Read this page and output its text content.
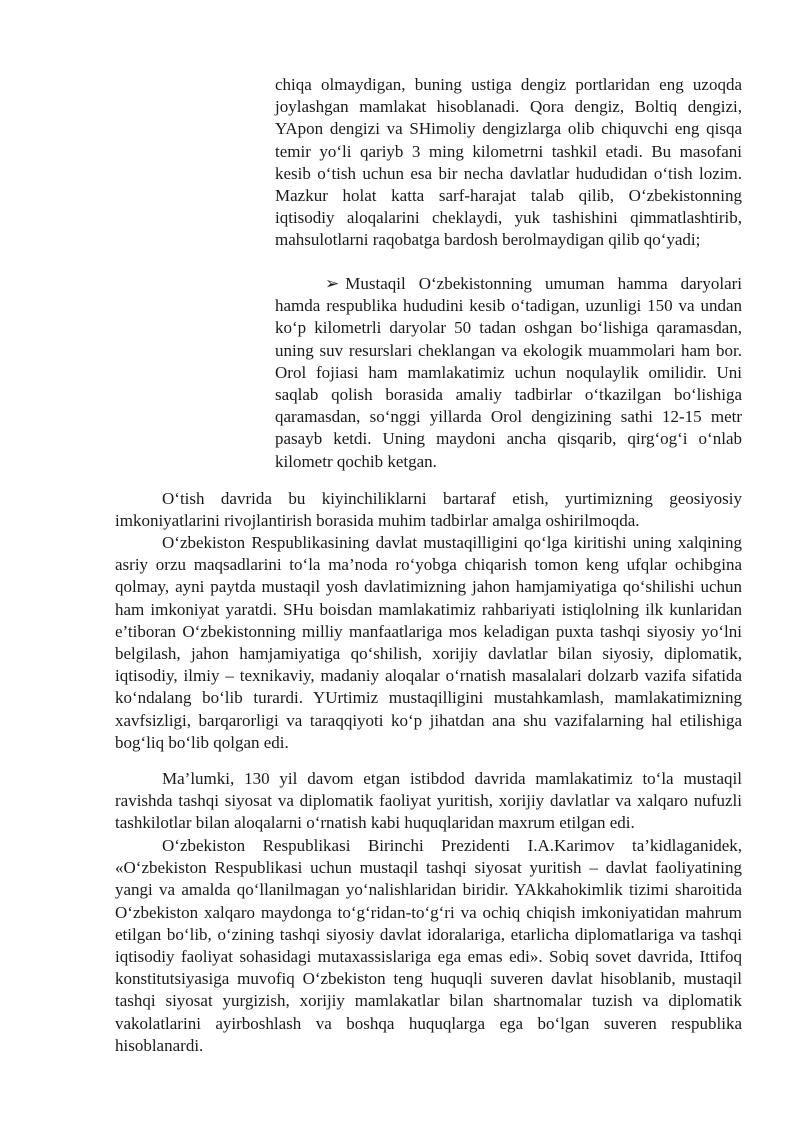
chiqa olmaydigan, buning ustiga dengiz portlaridan eng uzoqda joylashgan mamlakat hisoblanadi. Qora dengiz, Boltiq dengizi, YApon dengizi va SHimoliy dengizlarga olib chiquvchi eng qisqa temir yo‘li qariyb 3 ming kilometrni tashkil etadi. Bu masofani kesib o‘tish uchun esa bir necha davlatlar hududidan o‘tish lozim. Mazkur holat katta sarf-harajat talab qilib, O‘zbekistonning iqtisodiy aloqalarini cheklaydi, yuk tashishini qimmatlashtirib, mahsulotlarni raqobatga bardosh berolmaydigan qilib qo‘yadi;

➢ Mustaqil O‘zbekistonning umuman hamma daryolari hamda respublika hududini kesib o‘tadigan, uzunligi 150 va undan ko‘p kilometrli daryolar 50 tadan oshgan bo‘lishiga qaramasdan, uning suv resurslari cheklangan va ekologik muammolari ham bor. Orol fojiasi ham mamlakatimiz uchun noqulaylik omilidir. Uni saqlab qolish borasida amaliy tadbirlar o‘tkazilgan bo‘lishiga qaramasdan, so‘nggi yillarda Orol dengizining sathi 12-15 metr pasayb ketdi. Uning maydoni ancha qisqarib, qirg‘og‘i o‘nlab kilometr qochib ketgan.

O‘tish davrida bu kiyinchiliklarni bartaraf etish, yurtimizning geosiyosiy imkoniyatlarini rivojlantirish borasida muhim tadbirlar amalga oshirilmoqda.

O‘zbekiston Respublikasining davlat mustaqilligini qo‘lga kiritishi uning xalqining asriy orzu maqsadlarini to‘la ma’noda ro‘yobga chiqarish tomon keng ufqlar ochibgina qolmay, ayni paytda mustaqil yosh davlatimizning jahon hamjamiyatiga qo‘shilishi uchun ham imkoniyat yaratdi. SHu boisdan mamlakatimiz rahbariyati istiqlolning ilk kunlaridan e’tiboran O‘zbekistonning milliy manfaatlariga mos keladigan puxta tashqi siyosiy yo‘lni belgilash, jahon hamjamiyatiga qo‘shilish, xorijiy davlatlar bilan siyosiy, diplomatik, iqtisodiy, ilmiy – texnikaviy, madaniy aloqalar o‘rnatish masalalari dolzarb vazifa sifatida ko‘ndalang bo‘lib turardi. YUrtimiz mustaqilligini mustahkamlash, mamlakatimizning xavfsizligi, barqarorligi va taraqqiyoti ko‘p jihatdan ana shu vazifalarning hal etilishiga bog‘liq bo‘lib qolgan edi.

Ma’lumki, 130 yil davom etgan istibdod davrida mamlakatimiz to‘la mustaqil ravishda tashqi siyosat va diplomatik faoliyat yuritish, xorijiy davlatlar va xalqaro nufuzli tashkilotlar bilan aloqalarni o‘rnatish kabi huquqlaridan maxrum etilgan edi.

O‘zbekiston Respublikasi Birinchi Prezidenti I.A.Karimov ta’kidlaganidek, «O‘zbekiston Respublikasi uchun mustaqil tashqi siyosat yuritish – davlat faoliyatining yangi va amalda qo‘llanilmagan yo‘nalishlaridan biridir. YAkkahokimlik tizimi sharoitida O‘zbekiston xalqaro maydonga to‘g‘ridan-to‘g‘ri va ochiq chiqish imkoniyatidan mahrum etilgan bo‘lib, o‘zining tashqi siyosiy davlat idoralariga, etarlicha diplomatlariga va tashqi iqtisodiy faoliyat sohasidagi mutaxassislariga ega emas edi». Sobiq sovet davrida, Ittifoq konstitutsiyasiga muvofiq O‘zbekiston teng huquqli suveren davlat hisoblanib, mustaqil tashqi siyosat yurgizish, xorijiy mamlakatlar bilan shartnomalar tuzish va diplomatik vakolatlarini ayirboshlash va boshqa huquqlarga ega bo‘lgan suveren respublika hisoblanardi.
